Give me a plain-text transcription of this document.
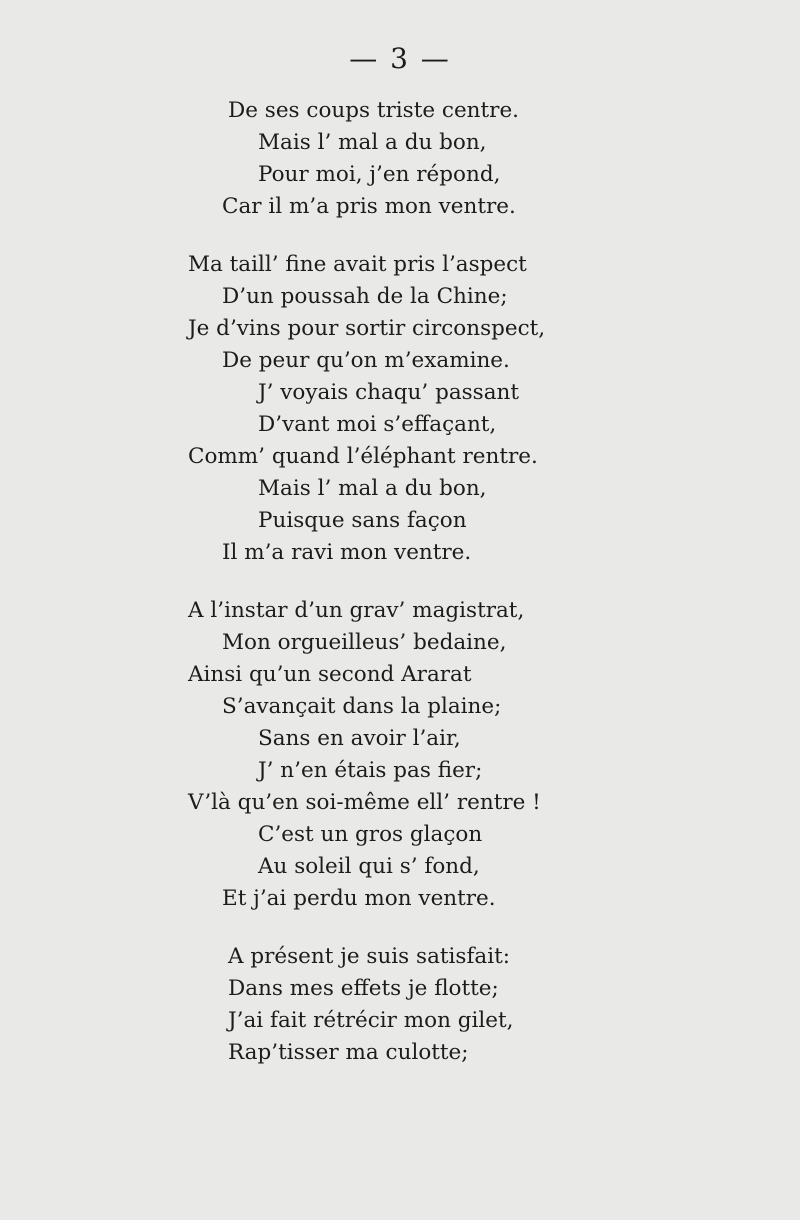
— 3 —
De ses coups triste centre.
Mais l’ mal a du bon,
Pour moi, j’en répond,
Car il m’a pris mon ventre.
Ma taill’ fine avait pris l’aspect
D’un poussah de la Chine;
Je d’vins pour sortir circonspect,
De peur qu’on m’examine.
J’ voyais chaqu’ passant
D’vant moi s’effaçant,
Comm’ quand l’éléphant rentre.
Mais l’ mal a du bon,
Puisque sans façon
Il m’a ravi mon ventre.
A l’instar d’un grav’ magistrat,
Mon orgueilleus’ bedaine,
Ainsi qu’un second Ararat
S’avançait dans la plaine;
Sans en avoir l’air,
J’ n’en étais pas fier;
V’là qu’en soi-même ell’ rentre !
C’est un gros glaçon
Au soleil qui s’ fond,
Et j’ai perdu mon ventre.
A présent je suis satisfait:
Dans mes effets je flotte;
J’ai fait rétrécir mon gilet,
Rap’tisser ma culotte;
